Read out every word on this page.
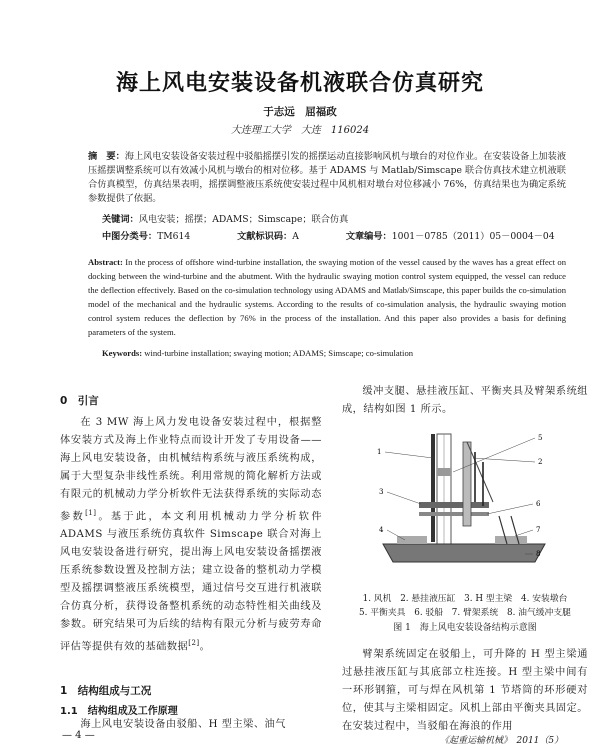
海上风电安装设备机液联合仿真研究
于志远　屈福政
大连理工大学　大连　116024
摘　要：海上风电安装设备安装过程中驳船摇摆引发的摇摆运动直接影响风机与墩台的对位作业。在安装设备上加装液压摇摆调整系统可以有效减小风机与墩台的相对位移。基于 ADAMS 与 Matlab/Simscape 联合仿真技术建立机液联合仿真模型，仿真结果表明，摇摆调整液压系统使安装过程中风机相对墩台对位移减小 76%，仿真结果也为确定系统参数提供了依据。
关键词：风电安装；摇摆；ADAMS；Simscape；联合仿真
中图分类号：TM614	文献标识码：A	文章编号：1001－0785（2011）05－0004－04
Abstract: In the process of offshore wind-turbine installation, the swaying motion of the vessel caused by the waves has a great effect on docking between the wind-turbine and the abutment. With the hydraulic swaying motion control system equipped, the vessel can reduce the deflection effectively. Based on the co-simulation technology using ADAMS and Matlab/Simscape, this paper builds the co-simulation model of the mechanical and the hydraulic systems. According to the results of co-simulation analysis, the hydraulic swaying motion control system reduces the deflection by 76% in the process of the installation. And this paper also provides a basis for defining parameters of the system.
Keywords: wind-turbine installation; swaying motion; ADAMS; Simscape; co-simulation
0　引言
在 3 MW 海上风力发电设备安装过程中，根据整体安装方式及海上作业特点而设计开发了专用设备——海上风电安装设备，由机械结构系统与液压系统构成，属于大型复杂非线性系统。利用常规的简化解析方法或有限元的机械动力学分析软件无法获得系统的实际动态参数[1]。基于此，本文利用机械动力学分析软件 ADAMS 与液压系统仿真软件 Simscape 联合对海上风电安装设备进行研究，提出海上风电安装设备摇摆液压系统参数设置及控制方法；建立设备的整机动力学模型及摇摆调整液压系统模型，通过信号交互进行机液联合仿真分析，获得设备整机系统的动态特性相关曲线及参数。研究结果可为后续的结构有限元分析与疲劳寿命评估等提供有效的基础数据[2]。
1　结构组成与工况
1.1　结构组成及工作原理
海上风电安装设备由驳船、H 型主梁、油气
缓冲支腿、悬挂液压缸、平衡夹具及臂架系统组成，结构如图 1 所示。
1
5
2
3
4
6
7
8
1. 风机　2. 悬挂液压缸　3. H 型主梁　4. 安装墩台
5. 平衡夹具　6. 驳船　7. 臂架系统　8. 油气缓冲支腿
图 1　海上风电安装设备结构示意图
臂架系统固定在驳船上，可升降的 H 型主梁通过悬挂液压缸与其底部立柱连接。H 型主梁中间有一环形钢箍，可与焊在风机第 1 节塔筒的环形硬对位，使其与主梁相固定。风机上部由平衡夹具固定。在安装过程中，当驳船在海浪的作用
— 4 —	《起重运输机械》　2011（5）
